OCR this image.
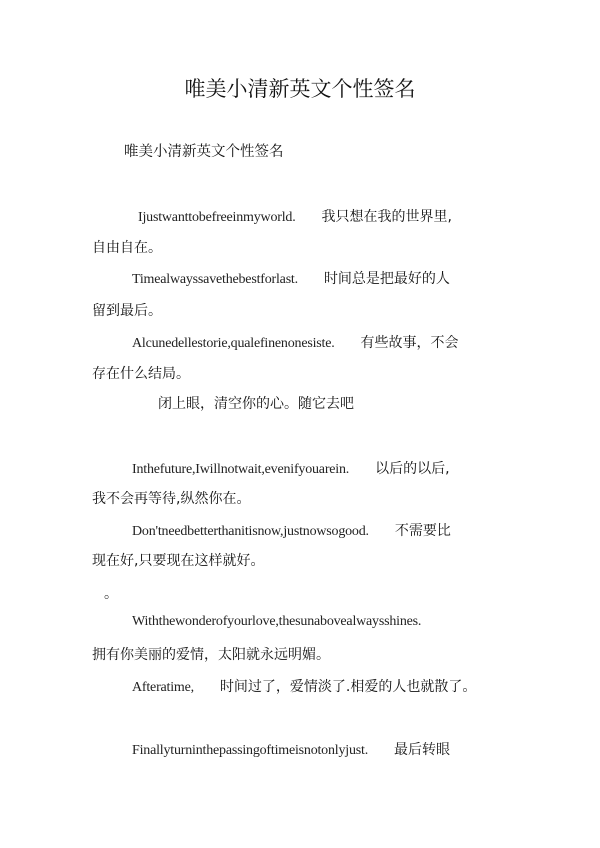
唯美小清新英文个性签名
唯美小清新英文个性签名
Ijustwanttobefreeinmyworld. 我只想在我的世界里,
自由自在。
Timealwayssavethebestforlast. 时间总是把最好的人
留到最后。
Alcunedellestorie,qualefinenonesiste. 有些故事，不会
存在什么结局。
闭上眼，清空你的心。随它去吧
Inthefuture,Iwillnotwait,evenifyouarein. 以后的以后,
我不会再等待,纵然你在。
Don'tneedbetterthanitisnow,justnowsogood. 不需要比
现在好,只要现在这样就好。
。
Withthewonderofyourlove,thesunabovealwaysshines.
拥有你美丽的爱情，太阳就永远明媚。
Afteratime, 时间过了，爱情淡了.相爱的人也就散了。
Finallyturninthepassingoftimeisnotonlyjust. 最后转眼
